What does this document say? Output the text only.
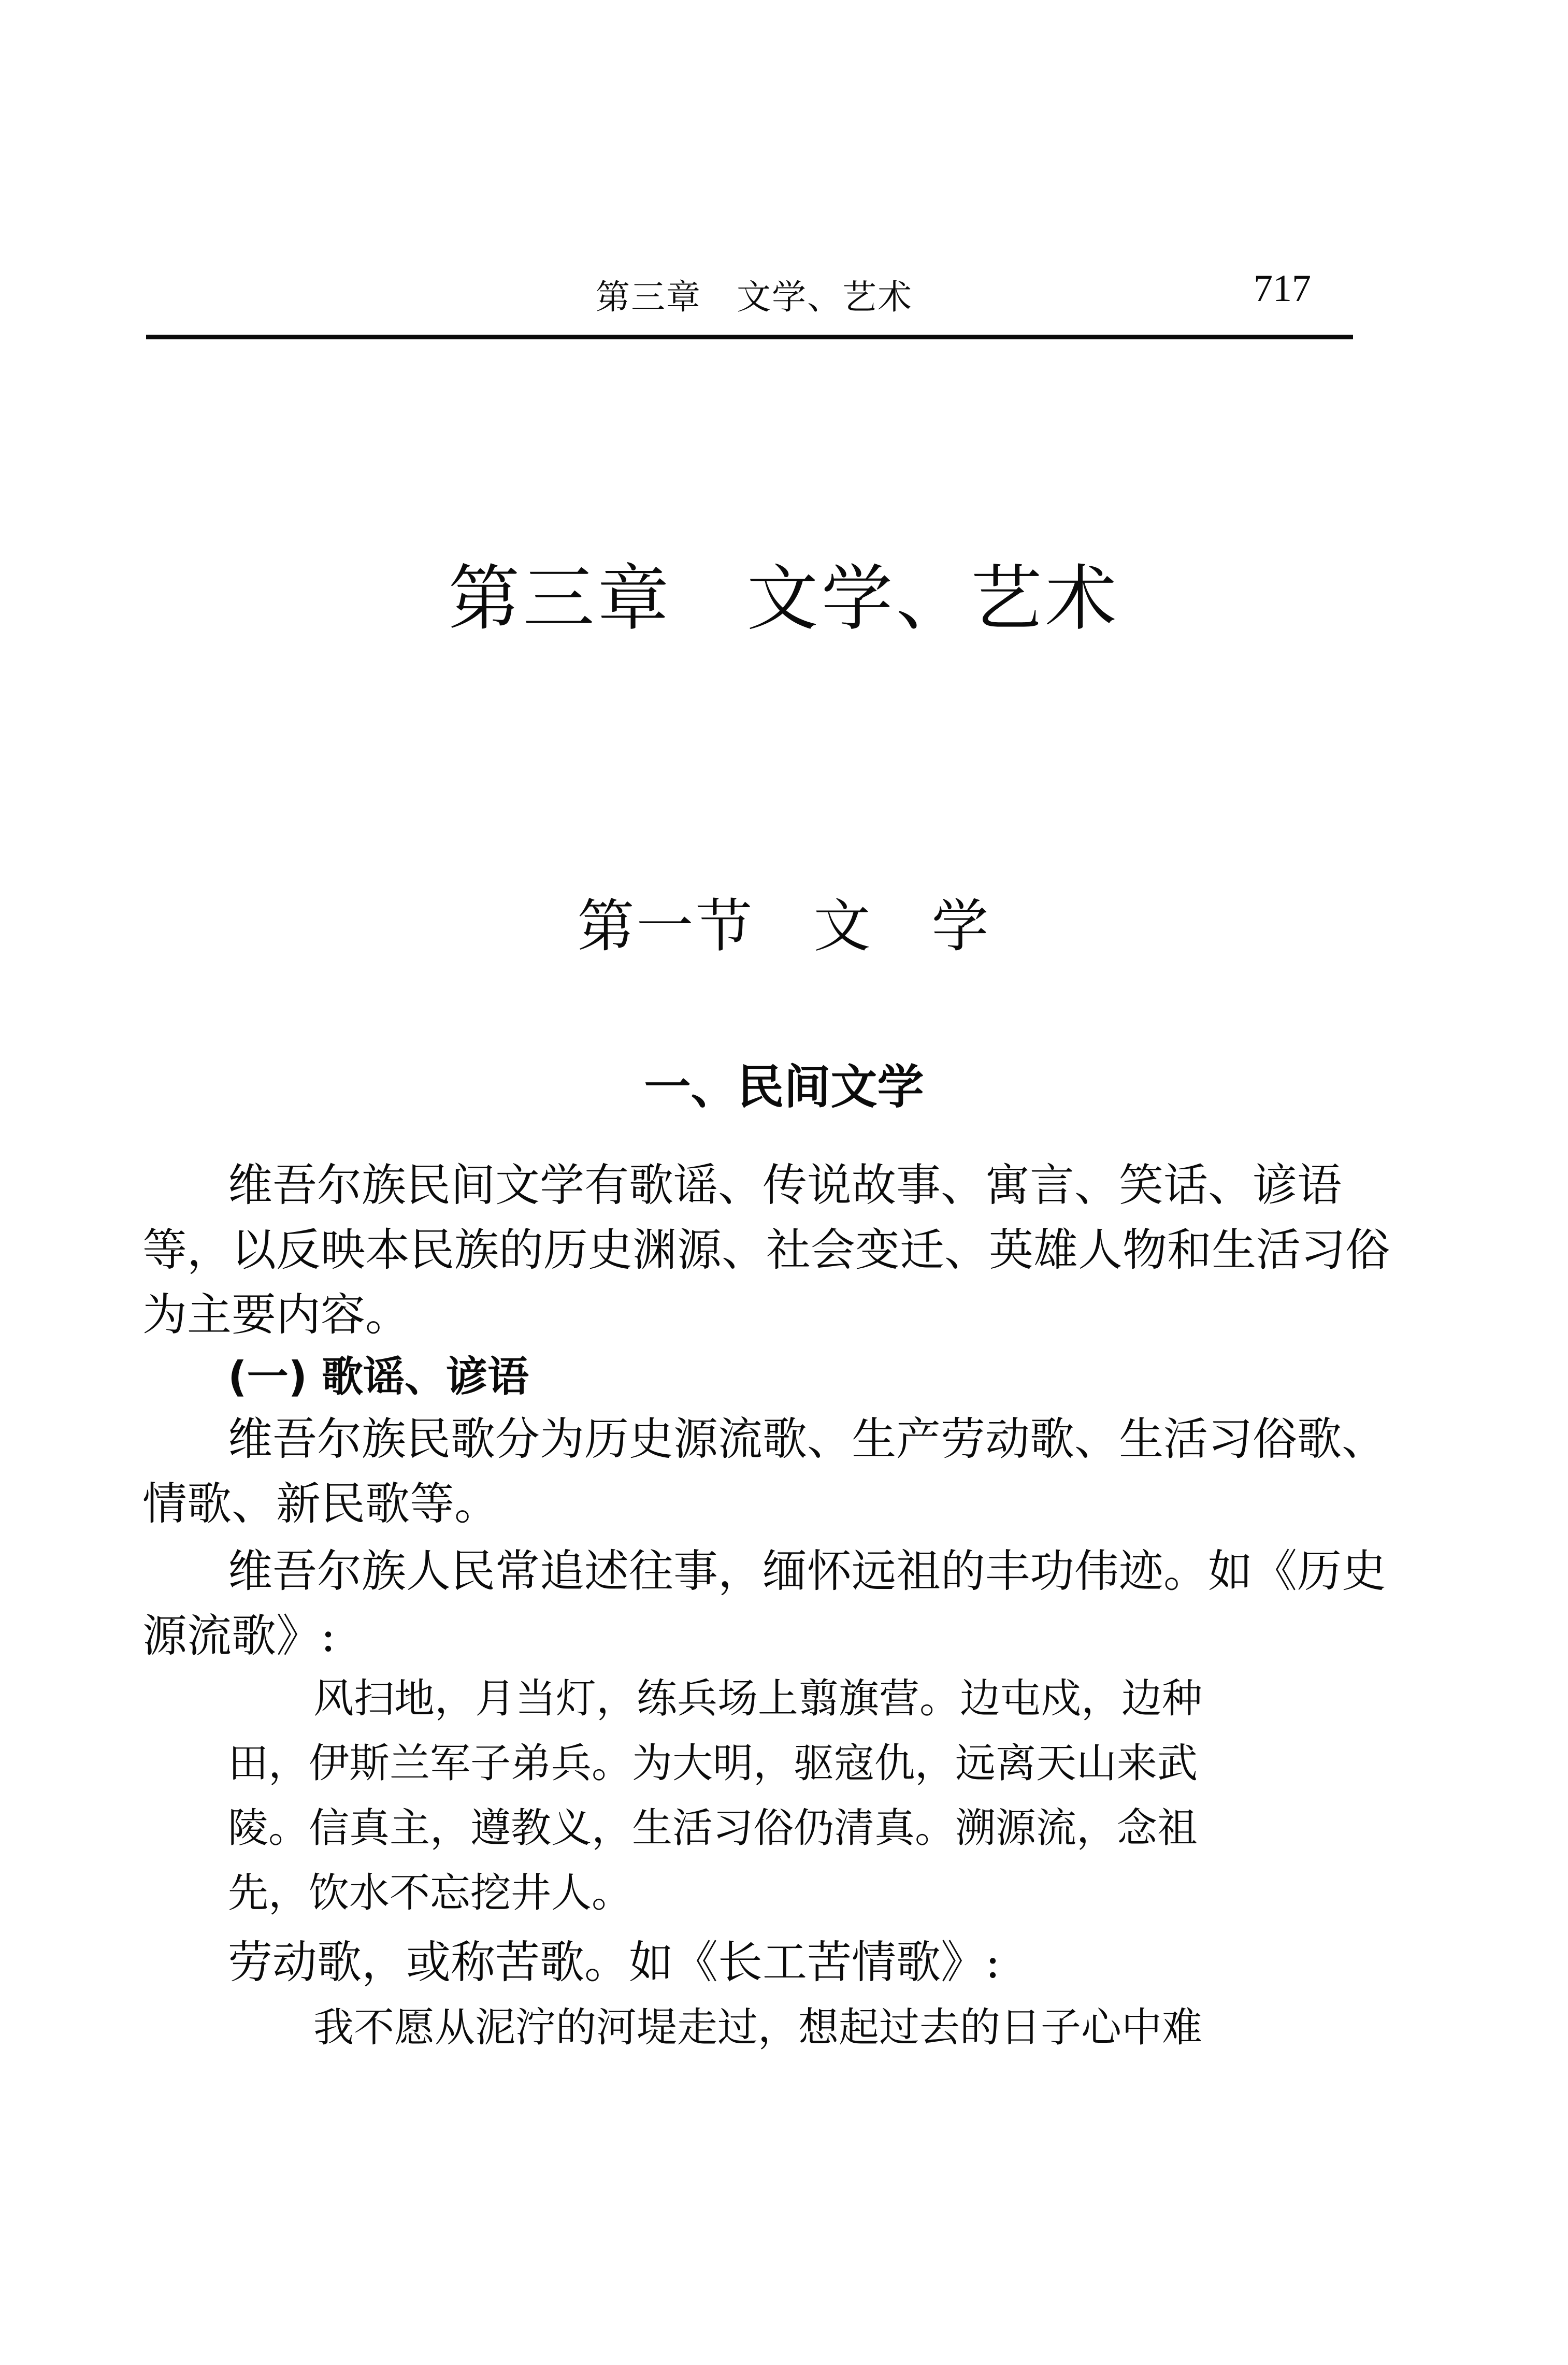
第三章　文学、艺术	717
第三章　文学、艺术
第一节　文　学
一、民间文学
维吾尔族民间文学有歌谣、传说故事、寓言、笑话、谚语
等，以反映本民族的历史渊源、社会变迁、英雄人物和生活习俗
为主要内容。
(一) 歌谣、谚语
维吾尔族民歌分为历史源流歌、生产劳动歌、生活习俗歌、
情歌、新民歌等。
维吾尔族人民常追述往事，缅怀远祖的丰功伟迹。如《历史
源流歌》:
风扫地，月当灯，练兵场上翦旗营。边屯戍，边种
田，伊斯兰军子弟兵。为大明，驱寇仇，远离天山来武
陵。信真主，遵教义，生活习俗仍清真。溯源流，念祖
先，饮水不忘挖井人。
劳动歌，或称苦歌。如《长工苦情歌》:
我不愿从泥泞的河堤走过，想起过去的日子心中难
